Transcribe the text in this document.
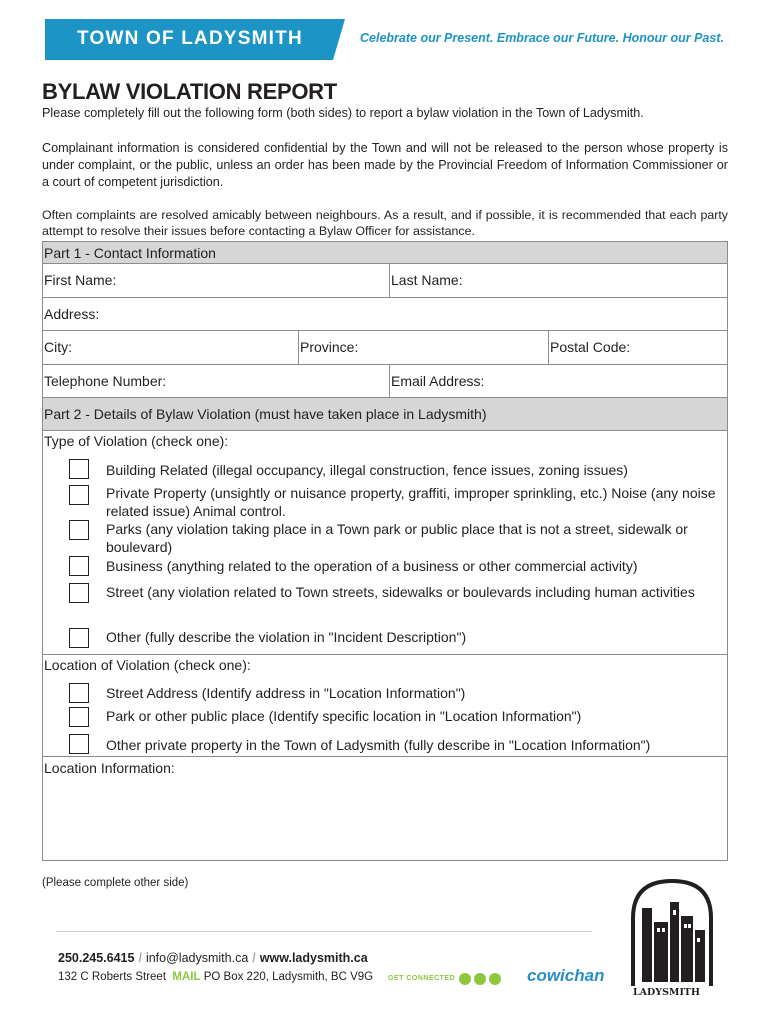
TOWN OF LADYSMITH	Celebrate our Present. Embrace our Future. Honour our Past.
BYLAW VIOLATION REPORT
Please completely fill out the following form (both sides) to report a bylaw violation in the Town of Ladysmith.
Complainant information is considered confidential by the Town and will not be released to the person whose property is under complaint, or the public, unless an order has been made by the Provincial Freedom of Information Commissioner or a court of competent jurisdiction.
Often complaints are resolved amicably between neighbours. As a result, and if possible, it is recommended that each party attempt to resolve their issues before contacting a Bylaw Officer for assistance.
Part 1 - Contact Information
First Name:	Last Name:
Address:
City:	Province:	Postal Code:
Telephone Number:	Email Address:
Part 2 - Details of Bylaw Violation (must have taken place in Ladysmith)
Type of Violation (check one):
Building Related (illegal occupancy, illegal construction, fence issues, zoning issues)
Private Property (unsightly or nuisance property, graffiti, improper sprinkling, etc.) Noise (any noise related issue) Animal control.
Parks (any violation taking place in a Town park or public place that is not a street, sidewalk or boulevard)
Business (anything related to the operation of a business or other commercial activity)
Street (any violation related to Town streets, sidewalks or boulevards including human activities
Other (fully describe the violation in "Incident Description")
Location of Violation (check one):
Street Address (Identify address in "Location Information")
Park or other public place (Identify specific location in "Location Information")
Other private property in the Town of Ladysmith (fully describe in "Location Information")
Location Information:
(Please complete other side)
250.245.6415 / info@ladysmith.ca / www.ladysmith.ca
132 C Roberts Street MAIL PO Box 220, Ladysmith, BC V9G GET CONNECTED	cowichan
LADYSMITH
